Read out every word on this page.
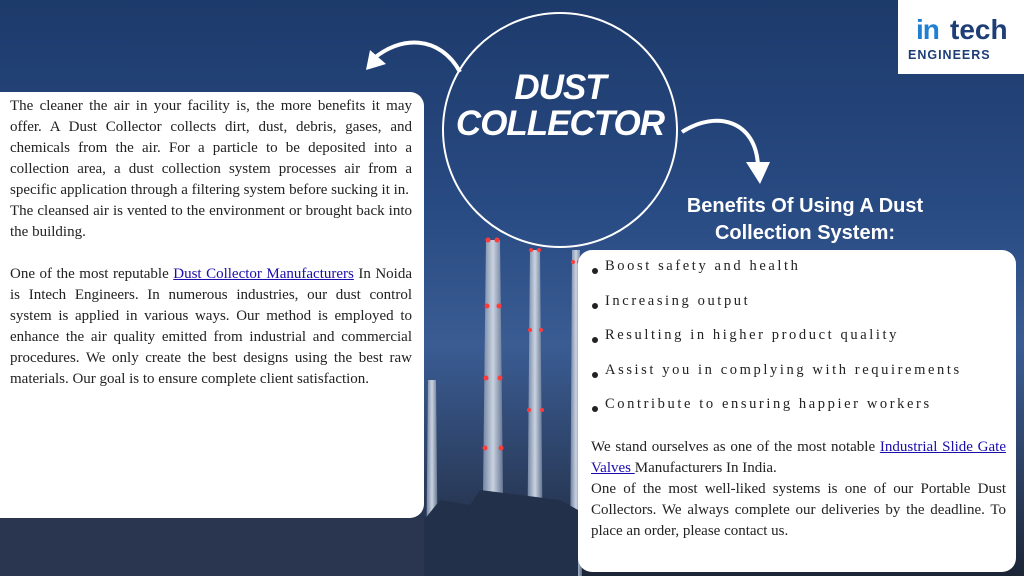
in tech
ENGINEERS
DUST
COLLECTOR
Benefits Of Using A Dust
Collection System:

The cleaner the air in your facility is, the more benefits it may offer. A Dust Collector collects dirt, dust, debris, gases, and chemicals from the air. For a particle to be deposited into a collection area, a dust collection system processes air from a specific application through a filtering system before sucking it in.

The cleansed air is vented to the environment or brought back into the building.

One of the most reputable Dust Collector Manufacturers In Noida is Intech Engineers. In numerous industries, our dust control system is applied in various ways. Our method is employed to enhance the air quality emitted from industrial and commercial procedures. We only create the best designs using the best raw materials. Our goal is to ensure complete client satisfaction.

Boost safety and health
Increasing output
Resulting in higher product quality
Assist you in complying with requirements
Contribute to ensuring happier workers

We stand ourselves as one of the most notable Industrial Slide Gate Valves Manufacturers In India.

One of the most well-liked systems is one of our Portable Dust Collectors. We always complete our deliveries by the deadline. To place an order, please contact us.
